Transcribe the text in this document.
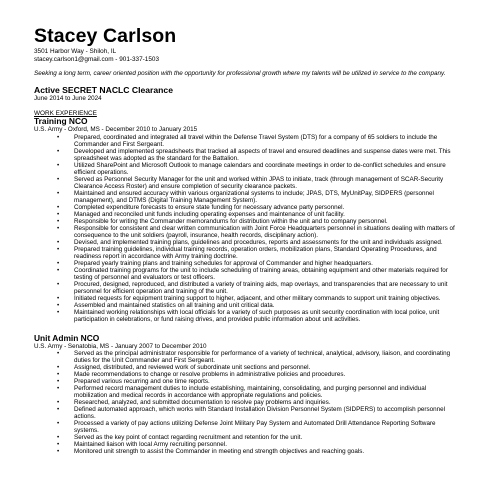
Stacey Carlson
3501 Harbor Way - Shiloh, IL
stacey.carlson1@gmail.com - 901-337-1503
Seeking a long term, career oriented position with the opportunity for professional growth where my talents will be utilized in service to the company.
Active SECRET NACLC Clearance
June 2014 to June 2024
WORK EXPERIENCE
Training NCO
U.S. Army - Oxford, MS - December 2010 to January 2015
• Prepared, coordinated and integrated all travel within the Defense Travel System (DTS) for a company of 65 soldiers to include the Commander and First Sergeant.
• Developed and implemented spreadsheets that tracked all aspects of travel and ensured deadlines and suspense dates were met. This spreadsheet was adopted as the standard for the Battalion.
• Utilized SharePoint and Microsoft Outlook to manage calendars and coordinate meetings in order to de-conflict schedules and ensure efficient operations.
• Served as Personnel Security Manager for the unit and worked within JPAS to initiate, track (through management of SCAR-Security Clearance Access Roster) and ensure completion of security clearance packets.
• Maintained and ensured accuracy within various organizational systems to include; JPAS, DTS, MyUnitPay, SIDPERS (personnel management), and DTMS (Digital Training Management System).
• Completed expenditure forecasts to ensure state funding for necessary advance party personnel.
• Managed and reconciled unit funds including operating expenses and maintenance of unit facility.
• Responsible for writing the Commander memorandums for distribution within the unit and to company personnel.
• Responsible for consistent and clear written communication with Joint Force Headquarters personnel in situations dealing with matters of consequence to the unit soldiers (payroll, insurance, health records, disciplinary action).
• Devised, and implemented training plans, guidelines and procedures, reports and assessments for the unit and individuals assigned.
• Prepared training guidelines, individual training records, operation orders, mobilization plans, Standard Operating Procedures, and readiness report in accordance with Army training doctrine.
• Prepared yearly training plans and training schedules for approval of Commander and higher headquarters.
• Coordinated training programs for the unit to include scheduling of training areas, obtaining equipment and other materials required for testing of personnel and evaluators or test officers.
• Procured, designed, reproduced, and distributed a variety of training aids, map overlays, and transparencies that are necessary to unit personnel for efficient operation and training of the unit.
• Initiated requests for equipment training support to higher, adjacent, and other military commands to support unit training objectives.
• Assembled and maintained statistics on all training and unit critical data.
• Maintained working relationships with local officials for a variety of such purposes as unit security coordination with local police, unit participation in celebrations, or fund raising drives, and provided public information about unit activities.
Unit Admin NCO
U.S. Army - Senatobia, MS - January 2007 to December 2010
• Served as the principal administrator responsible for performance of a variety of technical, analytical, advisory, liaison, and coordinating duties for the Unit Commander and First Sergeant.
• Assigned, distributed, and reviewed work of subordinate unit sections and personnel.
• Made recommendations to change or resolve problems in administrative policies and procedures.
• Prepared various recurring and one time reports.
• Performed record management duties to include establishing, maintaining, consolidating, and purging personnel and individual mobilization and medical records in accordance with appropriate regulations and policies.
• Researched, analyzed, and submitted documentation to resolve pay problems and inquiries.
• Defined automated approach, which works with Standard Installation Division Personnel System (SIDPERS) to accomplish personnel actions.
• Processed a variety of pay actions utilizing Defense Joint Military Pay System and Automated Drill Attendance Reporting Software systems.
• Served as the key point of contact regarding recruitment and retention for the unit.
• Maintained liaison with local Army recruiting personnel.
• Monitored unit strength to assist the Commander in meeting end strength objectives and reaching goals.
